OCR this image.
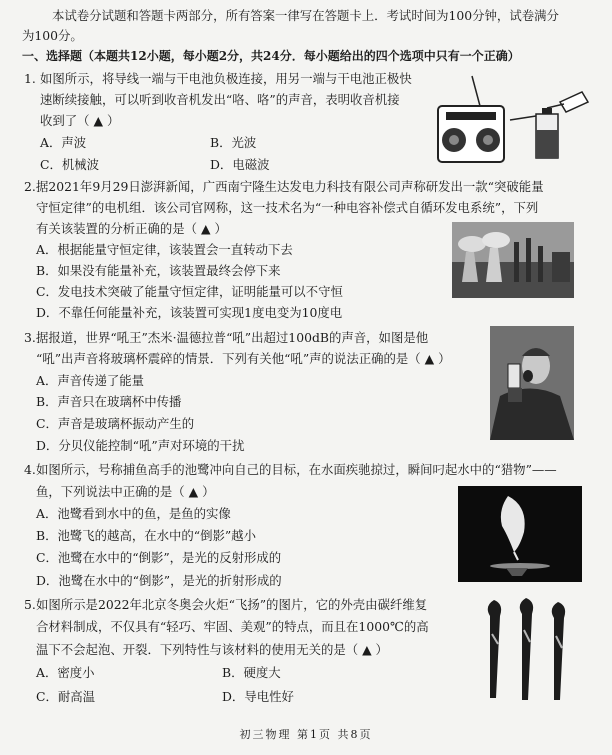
本试卷分试题和答题卡两部分，所有答案一律写在答题卡上．考试时间为100分钟，试卷满分
为100分。
一、选择题（本题共12小题，每小题2分，共24分．每小题给出的四个选项中只有一个正确）
1. 如图所示，将导线一端与干电池负极连接，用另一端与干电池正极快
速断续接触，可以听到收音机发出“咯、咯”的声音，表明收音机接
收到了（ ▲ ）
A．声波	B．光波
C．机械波	D．电磁波
2. 据2021年9月29日澎湃新闻，广西南宁隆生达发电力科技有限公司声称研发出一款“突破能量
守恒定律”的电机组．该公司官网称，这一技术名为“一种电容补偿式自循环发电系统”，下列
有关该装置的分析正确的是（ ▲ ）
A．根据能量守恒定律，该装置会一直转动下去
B．如果没有能量补充，该装置最终会停下来
C．发电技术突破了能量守恒定律，证明能量可以不守恒
D．不靠任何能量补充，该装置可实现1度电变为10度电
3. 据报道，世界“吼王”杰米·温德拉普“吼”出超过100dB的声音，如图是他
“吼”出声音将玻璃杯震碎的情景．下列有关他“吼”声的说法正确的是（ ▲ ）
A．声音传递了能量
B．声音只在玻璃杯中传播
C．声音是玻璃杯振动产生的
D．分贝仪能控制“吼”声对环境的干扰
4. 如图所示，号称捕鱼高手的池鹭冲向自己的目标，在水面疾驰掠过，瞬间叼起水中的“猎物”——
鱼，下列说法中正确的是（ ▲ ）
A．池鹭看到水中的鱼，是鱼的实像
B．池鹭飞的越高，在水中的“倒影”越小
C．池鹭在水中的“倒影”，是光的反射形成的
D．池鹭在水中的“倒影”，是光的折射形成的
5. 如图所示是2022年北京冬奥会火炬“飞扬”的图片，它的外壳由碳纤维复
合材料制成，不仅具有“轻巧、牢固、美观”的特点，而且在1000℃的高
温下不会起泡、开裂．下列特性与该材料的使用无关的是（ ▲ ）
A．密度小	B．硬度大
C．耐高温	D．导电性好
初三物理 第1页 共8页
